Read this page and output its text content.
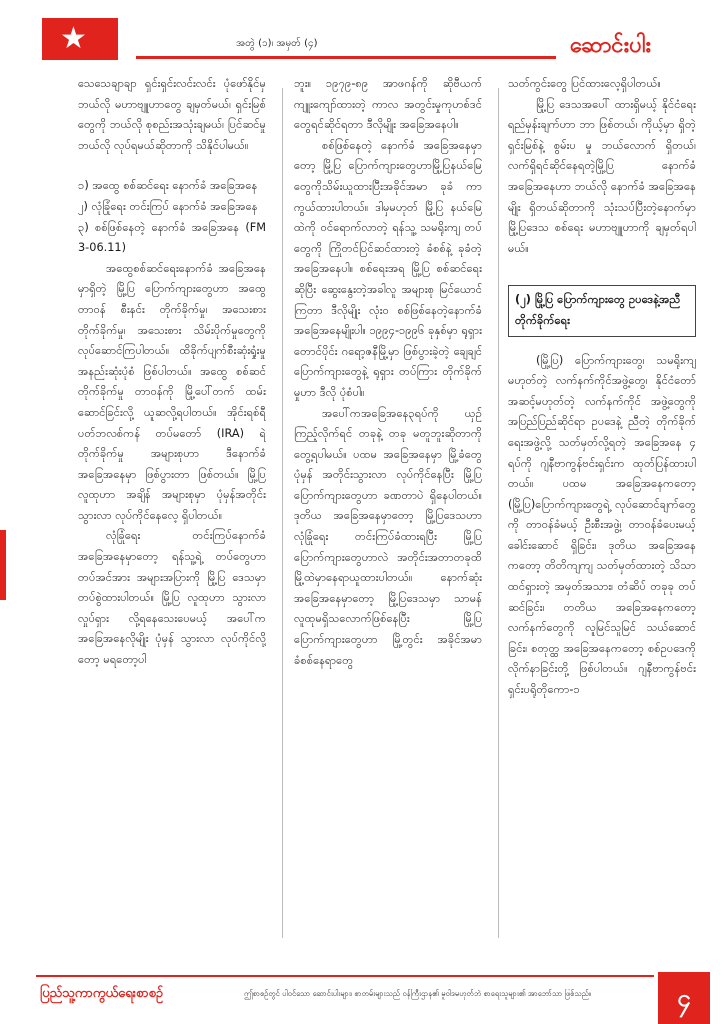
★	အတွဲ (၁)၊ အမှတ် (၄)	ဆောင်းပါး

သေသေချာချာ ရှင်းရှင်းလင်းလင်း ပုံဖော်နိုင်မှ ဘယ်လို မဟာဗျူဟာတွေ ချမှတ်မယ်၊ ရှင်းမြစ်တွေကို ဘယ်လို စုစည်းအသုံးချမယ်၊ ပြင်ဆင်မှုဘယ်လို လုပ်ရမယ်ဆိုတာကို သိနိုင်ပါမယ်။

၁) အထွေ စစ်ဆင်ရေး နောက်ခံ အခြေအနေ

၂) လုံခြုံရေး တင်းကြပ် နောက်ခံ အခြေအနေ

၃) စစ်ဖြစ်နေတဲ့ နောက်ခံ အခြေအနေ (FM 3-06.11)

အထွေစစ်ဆင်ရေးနောက်ခံ အခြေအနေမှာရှိတဲ့ မြို့ပြ ပြောက်ကျားတွေဟာ အထွေတာဝန် စီးနင်း တိုက်ခိုက်မှု၊ အသေးစား တိုက်ခိုက်မှု၊ အသေးစား သိမ်းပိုက်မှုတွေကို လုပ်ဆောင်ကြပါတယ်။ ထိခိုက်ပျက်စီးဆုံးရှုံးမှု အနည်းဆုံးပုံစံ ဖြစ်ပါတယ်။ အထွေ စစ်ဆင်တိုက်ခိုက်မှု တာဝန်ကို မြို့ပေါ်တက် ထမ်းဆောင်ခြင်းလို့ ယူဆလို့ရပါတယ်။ အိုင်းရစ်ရီပတ်ဘလစ်ကန် တပ်မတော် (IRA) ရဲ့ တိုက်ခိုက်မှု အများစုဟာ ဒီနောက်ခံ အခြေအနေမှာ ဖြစ်ပွားတာ ဖြစ်တယ်။ မြို့ပြ လူထုဟာ အချိန် အများစုမှာ ပုံမှန်အတိုင်း သွားလာ လုပ်ကိုင်နေလေ့ ရှိပါတယ်။

လုံခြုံရေး တင်းကြပ်နောက်ခံ အခြေအနေမှာတော့ ရန်သူ့ရဲ့ တပ်တွေဟာ တပ်အင်အား အများအပြားကို မြို့ပြ ဒေသမှာ တပ်စွဲထားပါတယ်။ မြို့ပြ လူထုဟာ သွားလာ လှုပ်ရှား လို့ရနေသေးပေမယ့် အပေါ်က အခြေအနေလိုမျိုး ပုံမှန် သွားလာ လုပ်ကိုင်လို့တော့ မရတော့ပါ

ဘူး။ ၁၉၇၉-၈၉ အာဖဂန်ကို ဆိုဗီယက် ကျူးကျော်ထားတဲ့ ကာလ အတွင်းမှုကုဟစ်ဒင်တွေရင်ဆိုင်ရတာ ဒီလိုမျိုး အခြေအနေပါ။

စစ်ဖြစ်နေတဲ့ နောက်ခံ အခြေအနေမှာတော့ မြို့ပြ ပြောက်ကျားတွေဟာမြို့ပြနယ်မြေတွေကိုသိမ်းယူထားပြီးအခိုင်အမာ ခုခံ ကာကွယ်ထားပါတယ်။ ဒါမှမဟုတ် မြို့ပြ နယ်မြေထဲကို ဝင်ရောက်လာတဲ့ ရန်သူ့ သမရိုးကျ တပ်တွေကို ကြိုတင်ပြင်ဆင်ထားတဲ့ ခံစစ်နဲ့ ခုခံတဲ့အခြေအနေပါ။ စစ်ရေးအရ မြို့ပြ စစ်ဆင်ရေးဆိုပြီး ဆွေးနွေးတဲ့အခါလူ အများစု မြင်ယောင်ကြတာ ဒီလိုမျိုး လုံးဝ စစ်ဖြစ်နေတဲ့နောက်ခံ အခြေအနေမျိုးပါ။ ၁၉၉၄-၁၉၉၆ ခုနှစ်မှာ ရုရှားတောင်ပိုင်း ဂရော့ဇနီမြို့မှာ ဖြစ်ပွားခဲ့တဲ့ ချေချင်ပြောက်ကျားတွေနဲ့ ရုရှား တပ်ကြား တိုက်ခိုက်မှုဟာ ဒီလို ပုံစံပါ။

အပေါ်ကအခြေအနေ၃ရပ်ကို ယှဉ်ကြည့်လိုက်ရင် တခုနဲ့ တခု မတူဘူးဆိုတာကို တွေ့ရပါမယ်။ ပထမ အခြေအနေမှာ မြို့ခံတွေ ပုံမှန် အတိုင်းသွားလာ လုပ်ကိုင်နေပြီး မြို့ပြ ပြောက်ကျားတွေဟာ ခဏတာပဲ ရှိနေပါတယ်။ ဒုတိယ အခြေအနေမှာတော့ မြို့ပြဒေသဟာ လုံခြုံရေး တင်းကြပ်ခံထားရပြီး မြို့ပြပြောက်ကျားတွေဟာလဲ အတိုင်းအတာတခုထိ မြို့ထဲမှာနေရာယူထားပါတယ်။ နောက်ဆုံး အခြေအနေမှာတော့ မြို့ပြဒေသမှာ သာမန်လူထုမရှိသလောက်ဖြစ်နေပြီး မြို့ပြ ပြောက်ကျားတွေဟာ မြို့တွင်း အခိုင်အမာ ခံစစ်နေရာတွေ

သတ်ကွင်းတွေ ပြင်ထားလေ့ရှိပါတယ်။

မြို့ပြ ဒေသအပေါ် ထားရှိမယ့် နိုင်ငံရေး ရည်မှန်းချက်ဟာ ဘာ ဖြစ်တယ်၊ ကိုယ့်မှာ ရှိတဲ့ ရှင်းမြစ်နဲ့ စွမ်းပ မှု ဘယ်လောက် ရှိတယ်၊ လက်ရှိရင်ဆိုင်နေရတဲ့မြို့ပြ နောက်ခံ အခြေအနေဟာ ဘယ်လို နောက်ခံ အခြေအနေမျိုး ရှိတယ်ဆိုတာကို သုံးသပ်ပြီးတဲ့နောက်မှာ မြို့ပြဒေသ စစ်ရေး မဟာဗျူဟာကို ချမှတ်ရပါမယ်။

(၂) မြို့ပြ ပြောက်ကျားတွေ ဥပဒေနဲ့အညီ တိုက်ခိုက်ရေး

(မြို့ပြ) ပြောက်ကျားတွေ၊ သမရိုးကျမဟုတ်တဲ့ လက်နက်ကိုင်အဖွဲ့တွေ၊ နိုင်ငံတော် အဆင့်မဟုတ်တဲ့ လက်နက်ကိုင် အဖွဲ့တွေကို အပြည်ပြည်ဆိုင်ရာ ဥပဒေနဲ့ ညီတဲ့ တိုက်ခိုက်ရေးအဖွဲ့လို့ သတ်မှတ်လို့ရတဲ့ အခြေအနေ ၄ ရပ်ကို ဂျနီဗာကွန်ဗင်းရှင်းက ထုတ်ပြန်ထားပါတယ်။ ပထမ အခြေအနေကတော့ (မြို့ပြ)ပြောက်ကျားတွေရဲ့ လုပ်ဆောင်ချက်တွေကို တာဝန်ခံမယ့် ဦးစီးအဖွဲ့၊ တာဝန်ခံပေးမယ့် ခေါင်းဆောင် ရှိခြင်း၊ ဒုတိယ အခြေအနေကတော့ တိတိကျကျ သတ်မှတ်ထားတဲ့ သိသာထင်ရှားတဲ့ အမှတ်အသား၊ တံဆိပ် တခုခု တပ်ဆင်ခြင်း၊ တတိယ အခြေအနေကတော့ လက်နက်တွေကို လူမြင်သူမြင် သယ်ဆောင်ခြင်း၊ စတုတ္ထ အခြေအနေကတော့ စစ်ဥပဒေကို လိုက်နာခြင်းတို့ ဖြစ်ပါတယ်။ ဂျနီဗာကွန်ဗင်းရှင်းပရိုတိုကော-၁

ပြည်သူ့ကာကွယ်ရေးစာစဉ်	ဤစာစဉ်တွင် ပါဝင်သော ဆောင်းပါးများ၊ စာတမ်းများသည် ဝန်ကြီးဌာန၏ မူဝါဒမဟုတ်ဘဲ စာရေးသူများ၏ အာဘော်သာ ဖြစ်သည်။	၄
